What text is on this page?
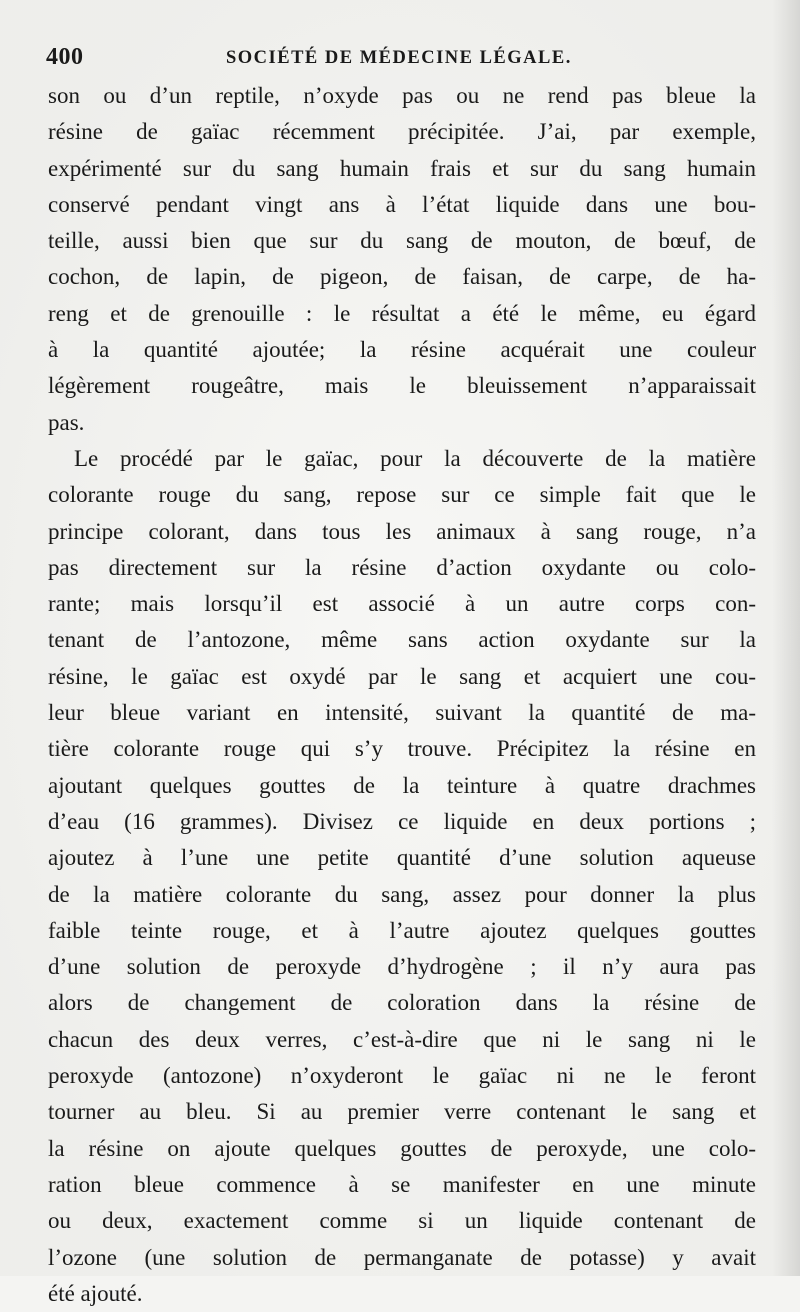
400	SOCIÉTÉ DE MÉDECINE LÉGALE.
son ou d’un reptile, n’oxyde pas ou ne rend pas bleue la
résine de gaïac récemment précipitée. J’ai, par exemple,
expérimenté sur du sang humain frais et sur du sang humain
conservé pendant vingt ans à l’état liquide dans une bou-
teille, aussi bien que sur du sang de mouton, de bœuf, de
cochon, de lapin, de pigeon, de faisan, de carpe, de ha-
reng et de grenouille : le résultat a été le même, eu égard
à la quantité ajoutée; la résine acquérait une couleur
légèrement rougeâtre, mais le bleuissement n’apparaissait
pas.
Le procédé par le gaïac, pour la découverte de la matière
colorante rouge du sang, repose sur ce simple fait que le
principe colorant, dans tous les animaux à sang rouge, n’a
pas directement sur la résine d’action oxydante ou colo-
rante; mais lorsqu’il est associé à un autre corps con-
tenant de l’antozone, même sans action oxydante sur la
résine, le gaïac est oxydé par le sang et acquiert une cou-
leur bleue variant en intensité, suivant la quantité de ma-
tière colorante rouge qui s’y trouve. Précipitez la résine en
ajoutant quelques gouttes de la teinture à quatre drachmes
d’eau (16 grammes). Divisez ce liquide en deux portions ;
ajoutez à l’une une petite quantité d’une solution aqueuse
de la matière colorante du sang, assez pour donner la plus
faible teinte rouge, et à l’autre ajoutez quelques gouttes
d’une solution de peroxyde d’hydrogène ; il n’y aura pas
alors de changement de coloration dans la résine de
chacun des deux verres, c’est-à-dire que ni le sang ni le
peroxyde (antozone) n’oxyderont le gaïac ni ne le feront
tourner au bleu. Si au premier verre contenant le sang et
la résine on ajoute quelques gouttes de peroxyde, une colo-
ration bleue commence à se manifester en une minute
ou deux, exactement comme si un liquide contenant de
l’ozone (une solution de permanganate de potasse) y avait
été ajouté.
